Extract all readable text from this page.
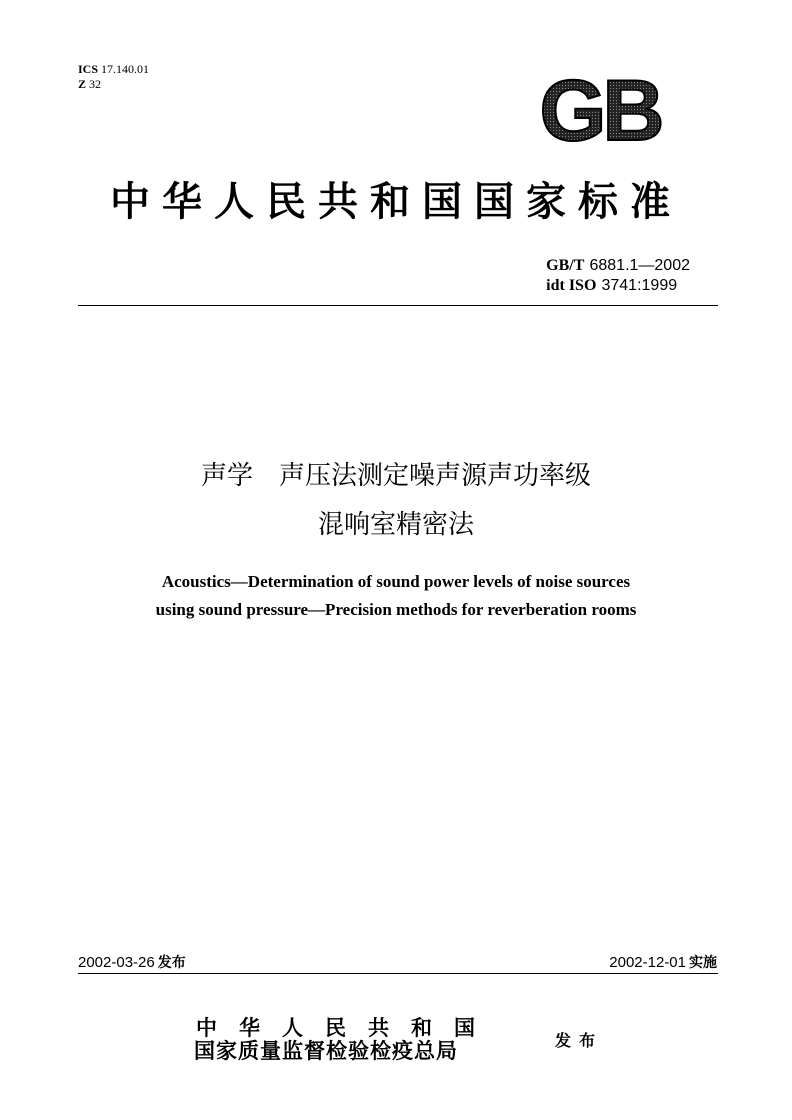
ICS 17.140.01
Z 32	GB
中华人民共和国国家标准
GB/T 6881.1—2002
idt ISO 3741:1999
声学　声压法测定噪声源声功率级
混响室精密法
Acoustics—Determination of sound power levels of noise sources
using sound pressure—Precision methods for reverberation rooms
2002-03-26 发布	2002-12-01 实施
中华人民共和国
国家质量监督检验检疫总局	发布
